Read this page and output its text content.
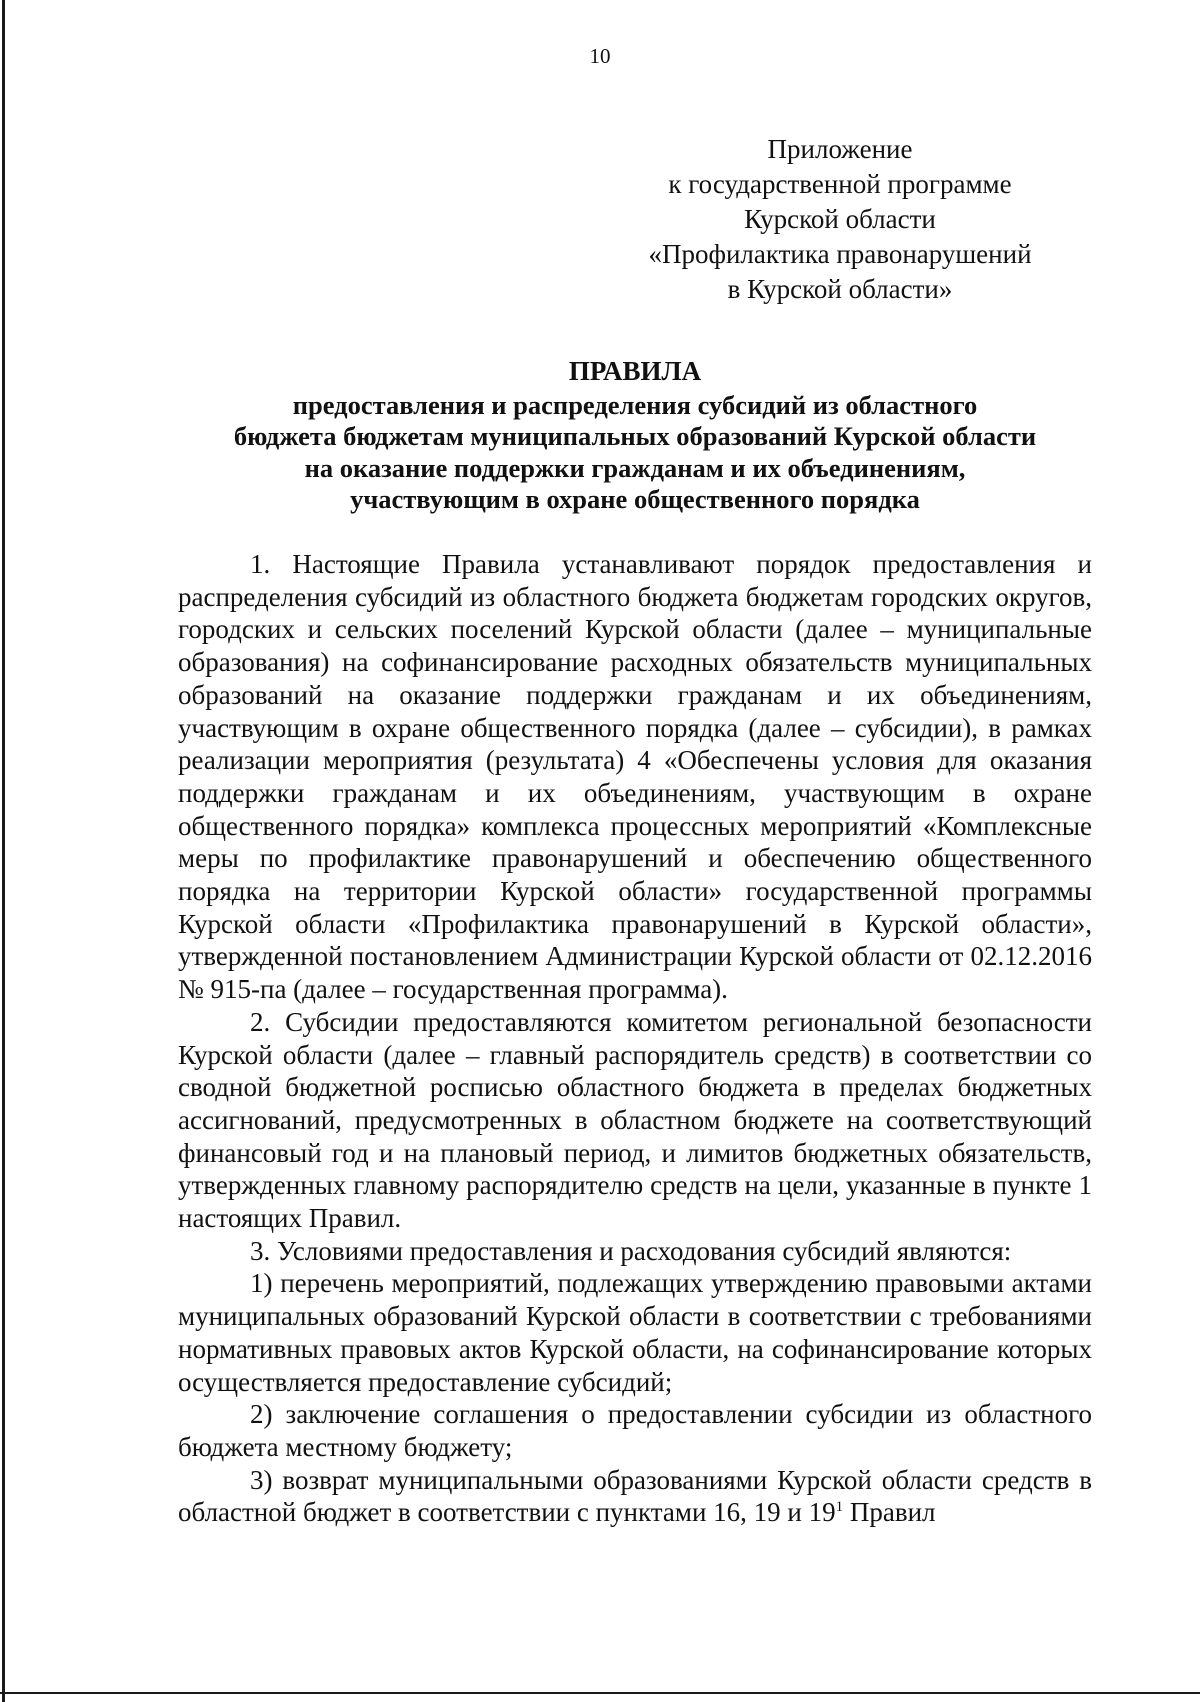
10
Приложение
к государственной программе
Курской области
«Профилактика правонарушений
в Курской области»
ПРАВИЛА
предоставления и распределения субсидий из областного
бюджета бюджетам муниципальных образований Курской области
на оказание поддержки гражданам и их объединениям,
участвующим в охране общественного порядка

1. Настоящие Правила устанавливают порядок предоставления и распределения субсидий из областного бюджета бюджетам городских округов, городских и сельских поселений Курской области (далее – муниципальные образования) на софинансирование расходных обязательств муниципальных образований на оказание поддержки гражданам и их объединениям, участвующим в охране общественного порядка (далее – субсидии), в рамках реализации мероприятия (результата) 4 «Обеспечены условия для оказания поддержки гражданам и их объединениям, участвующим в охране общественного порядка» комплекса процессных мероприятий «Комплексные меры по профилактике правонарушений и обеспечению общественного порядка на территории Курской области» государственной программы Курской области «Профилактика правонарушений в Курской области», утвержденной постановлением Администрации Курской области от 02.12.2016 № 915-па (далее – государственная программа).

2. Субсидии предоставляются комитетом региональной безопасности Курской области (далее – главный распорядитель средств) в соответствии со сводной бюджетной росписью областного бюджета в пределах бюджетных ассигнований, предусмотренных в областном бюджете на соответствующий финансовый год и на плановый период, и лимитов бюджетных обязательств, утвержденных главному распорядителю средств на цели, указанные в пункте 1 настоящих Правил.

3. Условиями предоставления и расходования субсидий являются:

1) перечень мероприятий, подлежащих утверждению правовыми актами муниципальных образований Курской области в соответствии с требованиями нормативных правовых актов Курской области, на софинансирование которых осуществляется предоставление субсидий;

2) заключение соглашения о предоставлении субсидии из областного бюджета местному бюджету;

3) возврат муниципальными образованиями Курской области средств в областной бюджет в соответствии с пунктами 16, 19 и $19^1$ Правил
